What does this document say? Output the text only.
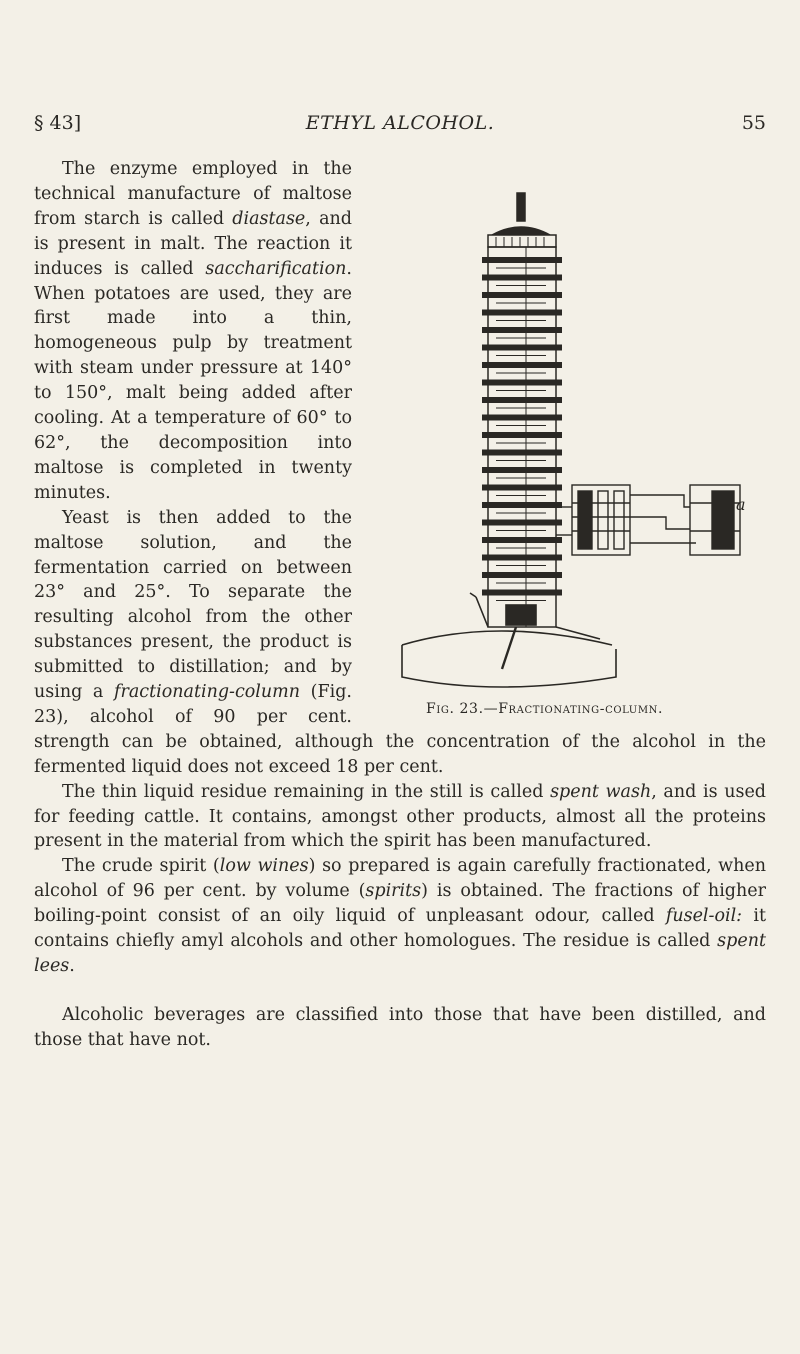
§ 43]	ETHYL ALCOHOL.	55
a
Fig. 23.—Fractionating-column.

The enzyme employed in the technical manufacture of maltose from starch is called diastase, and is present in malt. The reaction it induces is called saccharification. When potatoes are used, they are first made into a thin, homogeneous pulp by treatment with steam under pressure at 140° to 150°, malt being added after cooling. At a temperature of 60° to 62°, the decomposition into maltose is completed in twenty minutes.

Yeast is then added to the maltose solution, and the fermentation carried on between 23° and 25°. To separate the resulting alcohol from the other substances present, the product is submitted to distillation; and by using a fractionating-column (Fig. 23), alcohol of 90 per cent. strength can be obtained, although the concentration of the alcohol in the fermented liquid does not exceed 18 per cent.

The thin liquid residue remaining in the still is called spent wash, and is used for feeding cattle. It contains, amongst other products, almost all the proteins present in the material from which the spirit has been manufactured.

The crude spirit (low wines) so prepared is again carefully fractionated, when alcohol of 96 per cent. by volume (spirits) is obtained. The fractions of higher boiling-point consist of an oily liquid of unpleasant odour, called fusel-oil: it contains chiefly amyl alcohols and other homologues. The residue is called spent lees.

Alcoholic beverages are classified into those that have been distilled, and those that have not.
